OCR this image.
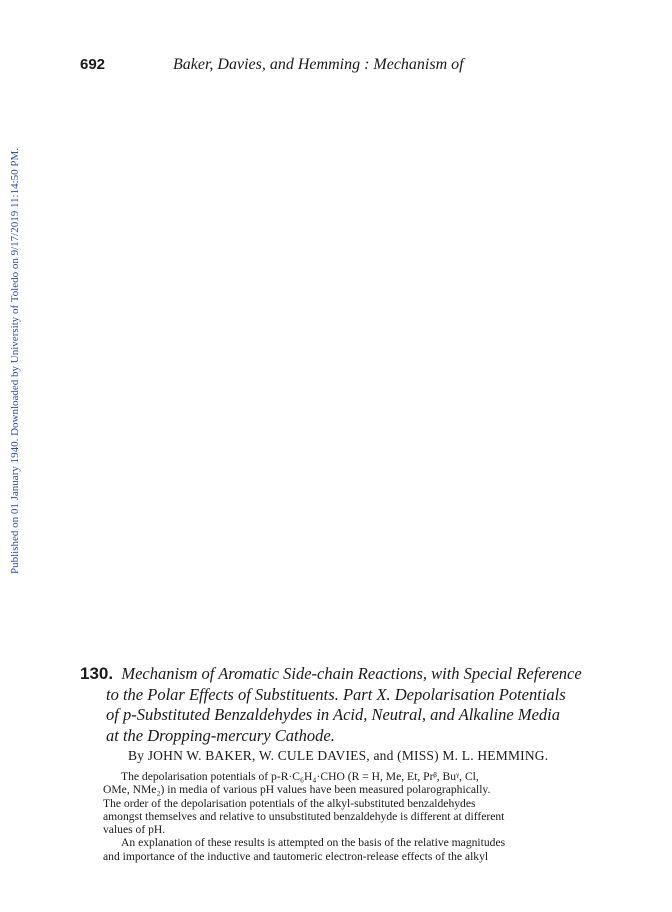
692	Baker, Davies, and Hemming : Mechanism of
Published on 01 January 1940. Downloaded by University of Toledo on 9/17/2019 11:14:50 PM.
130. Mechanism of Aromatic Side-chain Reactions, with Special Reference
to the Polar Effects of Substituents. Part X. Depolarisation Potentials
of p-Substituted Benzaldehydes in Acid, Neutral, and Alkaline Media
at the Dropping-mercury Cathode.
By JOHN W. BAKER, W. CULE DAVIES, and (MISS) M. L. HEMMING.
The depolarisation potentials of p-R·C₆H₄·CHO (R = H, Me, Et, Prᵝ, Buᵞ, Cl,
OMe, NMe₂) in media of various pH values have been measured polarographically.
The order of the depolarisation potentials of the alkyl-substituted benzaldehydes
amongst themselves and relative to unsubstituted benzaldehyde is different at different
values of pH.
An explanation of these results is attempted on the basis of the relative magnitudes
and importance of the inductive and tautomeric electron-release effects of the alkyl
